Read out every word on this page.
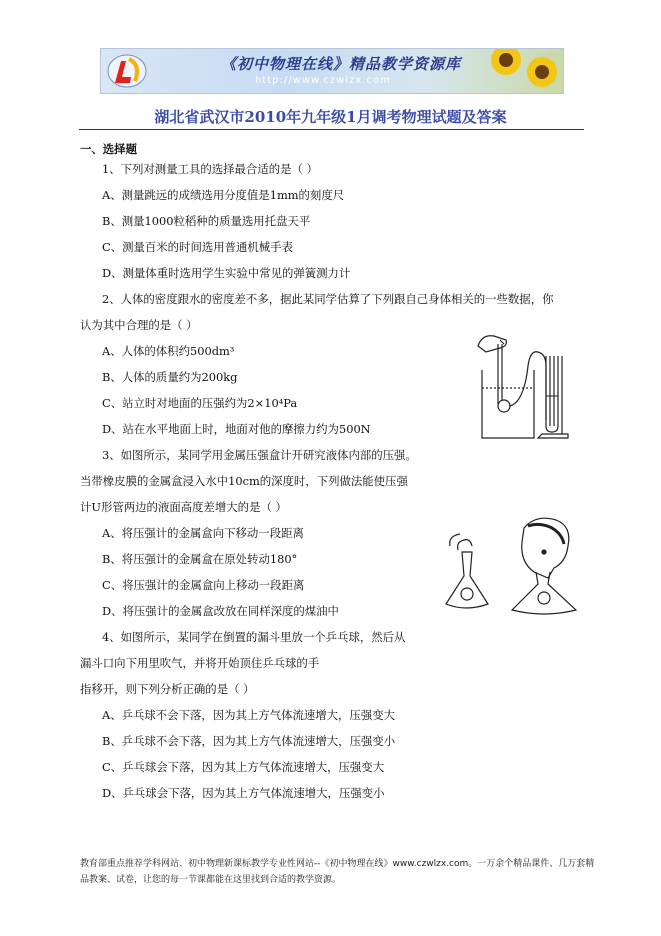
《初中物理在线》精品教学资源库
http://www.czwlzx.com
湖北省武汉市2010年九年级1月调考物理试题及答案
一、选择题
1、下列对测量工具的选择最合适的是（ ）
A、测量跳远的成绩选用分度值是1mm的刻度尺
B、测量1000粒稻种的质量选用托盘天平
C、测量百米的时间选用普通机械手表
D、测量体重时选用学生实验中常见的弹簧测力计
2、人体的密度跟水的密度差不多，据此某同学估算了下列跟自己身体相关的一些数据，你
认为其中合理的是（ ）
A、人体的体积约500dm³
B、人体的质量约为200kg
C、站立时对地面的压强约为2×10⁴Pa
D、站在水平地面上时，地面对他的摩擦力约为500N
3、如图所示，某同学用金属压强盒计开研究液体内部的压强。
当带橡皮膜的金属盒浸入水中10cm的深度时，下列做法能使压强
计U形管两边的液面高度差增大的是（ ）
A、将压强计的金属盒向下移动一段距离
B、将压强计的金属盒在原处转动180°
C、将压强计的金属盒向上移动一段距离
D、将压强计的金属盒改放在同样深度的煤油中
4、如图所示，某同学在倒置的漏斗里放一个乒乓球，然后从
漏斗口向下用里吹气，并将开始顶住乒乓球的手
指移开，则下列分析正确的是（ ）
A、乒乓球不会下落，因为其上方气体流速增大，压强变大
B、乒乓球不会下落，因为其上方气体流速增大，压强变小
C、乒乓球会下落，因为其上方气体流速增大，压强变大
D、乒乓球会下落，因为其上方气体流速增大，压强变小
教育部重点推荐学科网站、初中物理新课标教学专业性网站--《初中物理在线》www.czwlzx.com。一万余个精品课件、几万套精品教案、试卷，让您的每一节课都能在这里找到合适的教学资源。
